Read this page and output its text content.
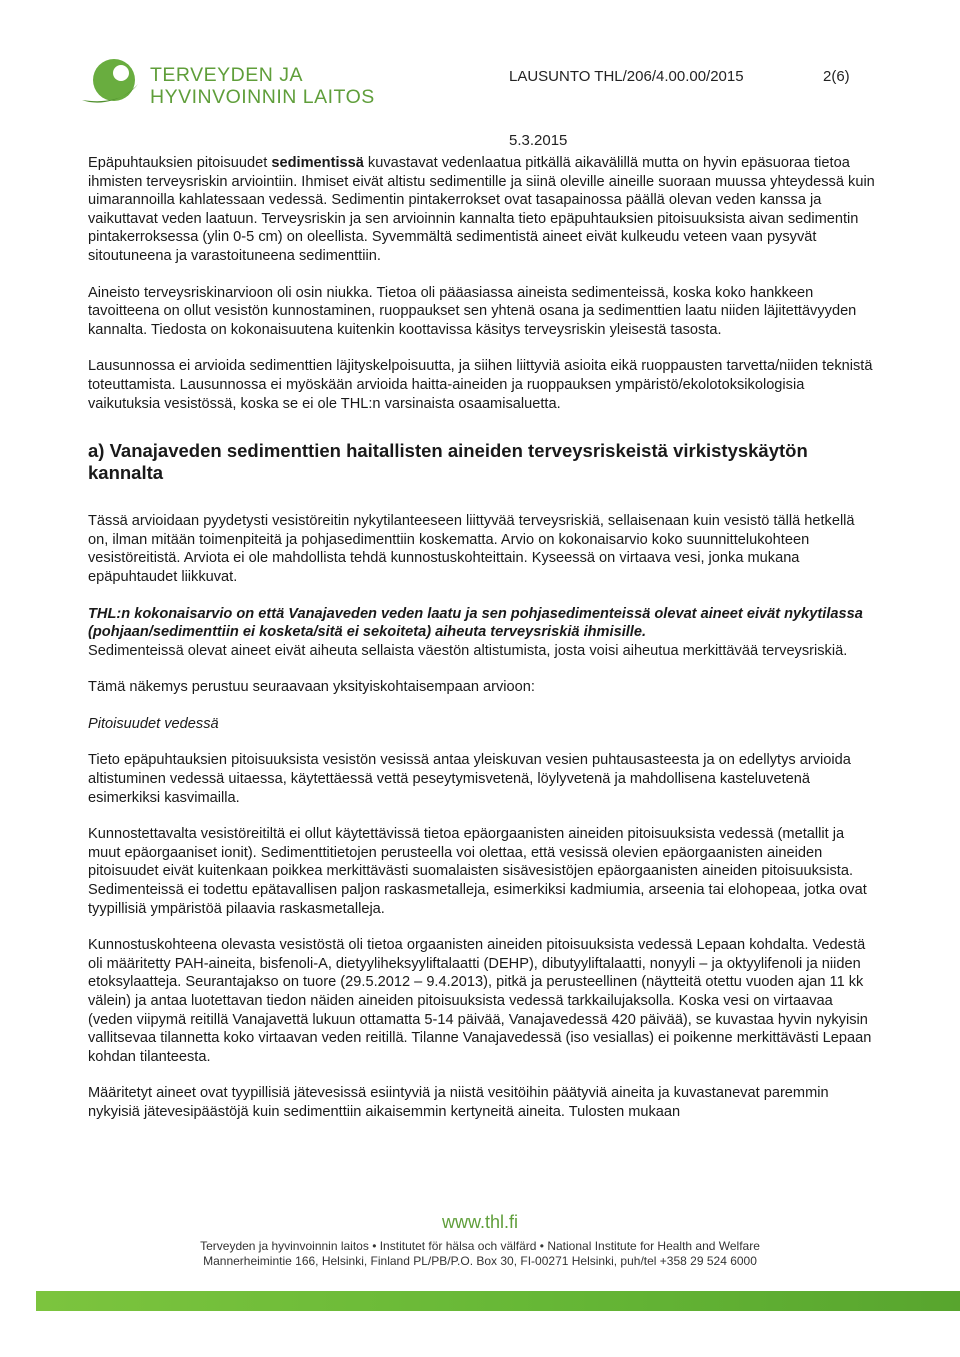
TERVEYDEN JA
HYVINVOINNIN LAITOS
LAUSUNTO THL/206/4.00.00/2015	2(6)
5.3.2015

Epäpuhtauksien pitoisuudet sedimentissä kuvastavat vedenlaatua pitkällä aikavälillä mutta on hyvin epäsuoraa tietoa ihmisten terveysriskin arviointiin. Ihmiset eivät altistu sedimentille ja siinä oleville aineille suoraan muussa yhteydessä kuin uimarannoilla kahlatessaan vedessä. Sedimentin pintakerrokset ovat tasapainossa päällä olevan veden kanssa ja vaikuttavat veden laatuun. Terveysriskin ja sen arvioinnin kannalta tieto epäpuhtauksien pitoisuuksista aivan sedimentin pintakerroksessa (ylin 0-5 cm) on oleellista. Syvemmältä sedimentistä aineet eivät kulkeudu veteen vaan pysyvät sitoutuneena ja varastoituneena sedimenttiin.

Aineisto terveysriskinarvioon oli osin niukka. Tietoa oli pääasiassa aineista sedimenteissä, koska koko hankkeen tavoitteena on ollut vesistön kunnostaminen, ruoppaukset sen yhtenä osana ja sedimenttien laatu niiden läjitettävyyden kannalta. Tiedosta on kokonaisuutena kuitenkin koottavissa käsitys terveysriskin yleisestä tasosta.

Lausunnossa ei arvioida sedimenttien läjityskelpoisuutta, ja siihen liittyviä asioita eikä ruoppausten tarvetta/niiden teknistä toteuttamista. Lausunnossa ei myöskään arvioida haitta-aineiden ja ruoppauksen ympäristö/ekolotoksikologisia vaikutuksia vesistössä, koska se ei ole THL:n varsinaista osaamisaluetta.

a) Vanajaveden sedimenttien haitallisten aineiden terveysriskeistä virkistyskäytön kannalta

Tässä arvioidaan pyydetysti vesistöreitin nykytilanteeseen liittyvää terveysriskiä, sellaisenaan kuin vesistö tällä hetkellä on, ilman mitään toimenpiteitä ja pohjasedimenttiin koskematta. Arvio on kokonaisarvio koko suunnittelukohteen vesistöreitistä. Arviota ei ole mahdollista tehdä kunnostuskohteittain. Kyseessä on virtaava vesi, jonka mukana epäpuhtaudet liikkuvat.

THL:n kokonaisarvio on että Vanajaveden veden laatu ja sen pohjasedimenteissä olevat aineet eivät nykytilassa (pohjaan/sedimenttiin ei kosketa/sitä ei sekoiteta) aiheuta terveysriskiä ihmisille.
Sedimenteissä olevat aineet eivät aiheuta sellaista väestön altistumista, josta voisi aiheutua merkittävää terveysriskiä.

Tämä näkemys perustuu seuraavaan yksityiskohtaisempaan arvioon:

Pitoisuudet vedessä

Tieto epäpuhtauksien pitoisuuksista vesistön vesissä antaa yleiskuvan vesien puhtausasteesta ja on edellytys arvioida altistuminen vedessä uitaessa, käytettäessä vettä peseytymisvetenä, löylyvetenä ja mahdollisena kasteluvetenä esimerkiksi kasvimailla.

Kunnostettavalta vesistöreitiltä ei ollut käytettävissä tietoa epäorgaanisten aineiden pitoisuuksista vedessä (metallit ja muut epäorgaaniset ionit). Sedimenttitietojen perusteella voi olettaa, että vesissä olevien epäorgaanisten aineiden pitoisuudet eivät kuitenkaan poikkea merkittävästi suomalaisten sisävesistöjen epäorgaanisten aineiden pitoisuuksista. Sedimenteissä ei todettu epätavallisen paljon raskasmetalleja, esimerkiksi kadmiumia, arseenia tai elohopeaa, jotka ovat tyypillisiä ympäristöä pilaavia raskasmetalleja.

Kunnostuskohteena olevasta vesistöstä oli tietoa orgaanisten aineiden pitoisuuksista vedessä Lepaan kohdalta. Vedestä oli määritetty PAH-aineita, bisfenoli-A, dietyyliheksyyliftalaatti (DEHP), dibutyyliftalaatti, nonyyli – ja oktyylifenoli ja niiden etoksylaatteja. Seurantajakso on tuore (29.5.2012 – 9.4.2013), pitkä ja perusteellinen (näytteitä otettu vuoden ajan 11 kk välein) ja antaa luotettavan tiedon näiden aineiden pitoisuuksista vedessä tarkkailujaksolla. Koska vesi on virtaavaa (veden viipymä reitillä Vanajavettä lukuun ottamatta 5-14 päivää, Vanajavedessä 420 päivää), se kuvastaa hyvin nykyisin vallitsevaa tilannetta koko virtaavan veden reitillä. Tilanne Vanajavedessä (iso vesiallas) ei poikenne merkittävästi Lepaan kohdan tilanteesta.

Määritetyt aineet ovat tyypillisiä jätevesissä esiintyviä ja niistä vesitöihin päätyviä aineita ja kuvastanevat paremmin nykyisiä jätevesipäästöjä kuin sedimenttiin aikaisemmin kertyneitä aineita. Tulosten mukaan

www.thl.fi
Terveyden ja hyvinvoinnin laitos • Institutet för hälsa och välfärd • National Institute for Health and Welfare
Mannerheimintie 166, Helsinki, Finland PL/PB/P.O. Box 30, FI-00271 Helsinki, puh/tel +358 29 524 6000
